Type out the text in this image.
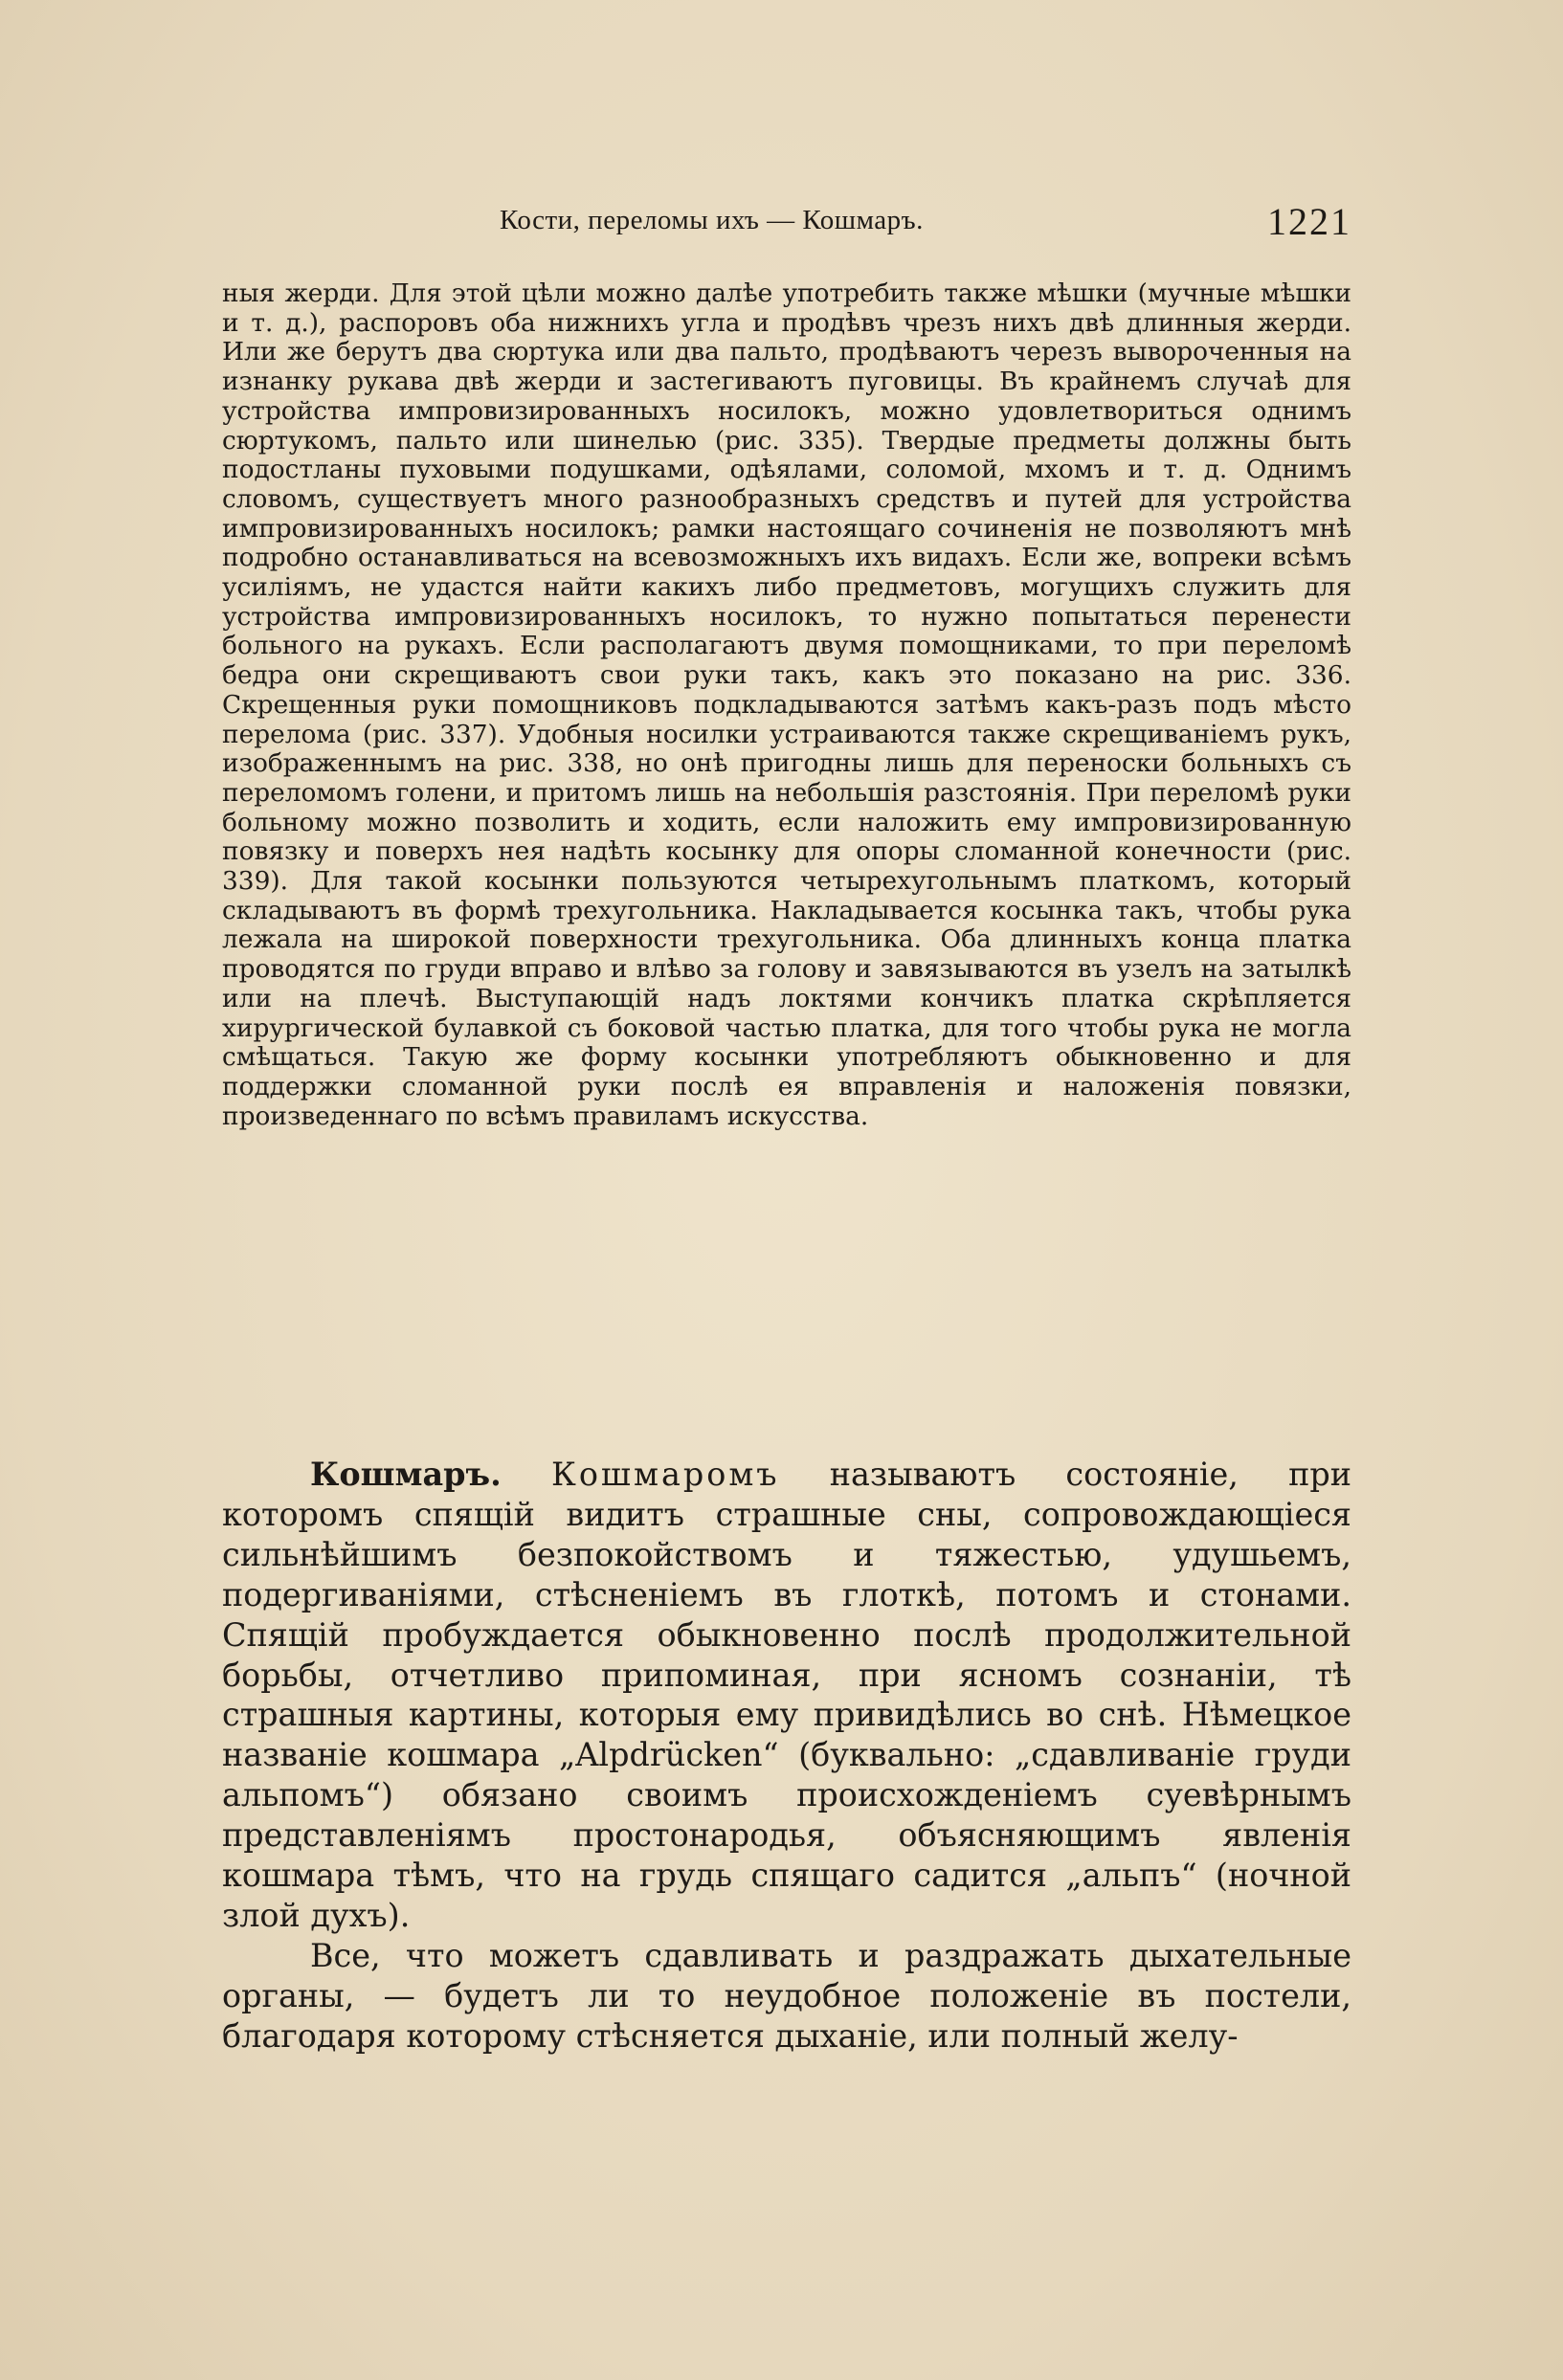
Кости, переломы ихъ — Кошмаръ.	1221

ныя жерди. Для этой цѣли можно далѣе употребить также мѣшки (мучные мѣшки и т. д.), распоровъ оба нижнихъ угла и продѣвъ чрезъ нихъ двѣ длинныя жерди. Или же берутъ два сюртука или два пальто, продѣваютъ черезъ вывороченныя на изнанку рукава двѣ жерди и застегиваютъ пуговицы. Въ крайнемъ случаѣ для устройства импровизированныхъ носилокъ, можно удовлетвориться однимъ сюртукомъ, пальто или шинелью (рис. 335). Твердые предметы должны быть подостланы пуховыми подушками, одѣялами, соломой, мхомъ и т. д. Однимъ словомъ, существуетъ много разнообразныхъ средствъ и путей для устройства импровизированныхъ носилокъ; рамки настоящаго сочиненія не позволяютъ мнѣ подробно останавливаться на всевозможныхъ ихъ видахъ. Если же, вопреки всѣмъ усиліямъ, не удастся найти какихъ либо предметовъ, могущихъ служить для устройства импровизированныхъ носилокъ, то нужно попытаться перенести больного на рукахъ. Если располагаютъ двумя помощниками, то при переломѣ бедра они скрещиваютъ свои руки такъ, какъ это показано на рис. 336. Скрещенныя руки помощниковъ подкладываются затѣмъ какъ-разъ подъ мѣсто перелома (рис. 337). Удобныя носилки устраиваются также скрещиваніемъ рукъ, изображеннымъ на рис. 338, но онѣ пригодны лишь для переноски больныхъ съ переломомъ голени, и притомъ лишь на небольшія разстоянія. При переломѣ руки больному можно позволить и ходить, если наложить ему импровизированную повязку и поверхъ нея надѣть косынку для опоры сломанной конечности (рис. 339). Для такой косынки пользуются четырехугольнымъ платкомъ, который складываютъ въ формѣ трехугольника. Накладывается косынка такъ, чтобы рука лежала на широкой поверхности трехугольника. Оба длинныхъ конца платка проводятся по груди вправо и влѣво за голову и завязываются въ узелъ на затылкѣ или на плечѣ. Выступающій надъ локтями кончикъ платка скрѣпляется хирургической булавкой съ боковой частью платка, для того чтобы рука не могла смѣщаться. Такую же форму косынки употребляютъ обыкновенно и для поддержки сломанной руки послѣ ея вправленія и наложенія повязки, произведеннаго по всѣмъ правиламъ искусства.

Кошмаръ. Кошмаромъ называютъ состояніе, при которомъ спящій видитъ страшные сны, сопровождающіеся сильнѣйшимъ безпокойствомъ и тяжестью, удушьемъ, подергиваніями, стѣсненіемъ въ глоткѣ, потомъ и стонами. Спящій пробуждается обыкновенно послѣ продолжительной борьбы, отчетливо припоминая, при ясномъ сознаніи, тѣ страшныя картины, которыя ему привидѣлись во снѣ. Нѣмецкое названіе кошмара „Alpdrücken“ (буквально: „сдавливаніе груди альпомъ“) обязано своимъ происхожденіемъ суевѣрнымъ представленіямъ простонародья, объясняющимъ явленія кошмара тѣмъ, что на грудь спящаго садится „альпъ“ (ночной злой духъ).

Все, что можетъ сдавливать и раздражать дыхательные органы, — будетъ ли то неудобное положеніе въ постели, благодаря которому стѣсняется дыханіе, или полный желу-
